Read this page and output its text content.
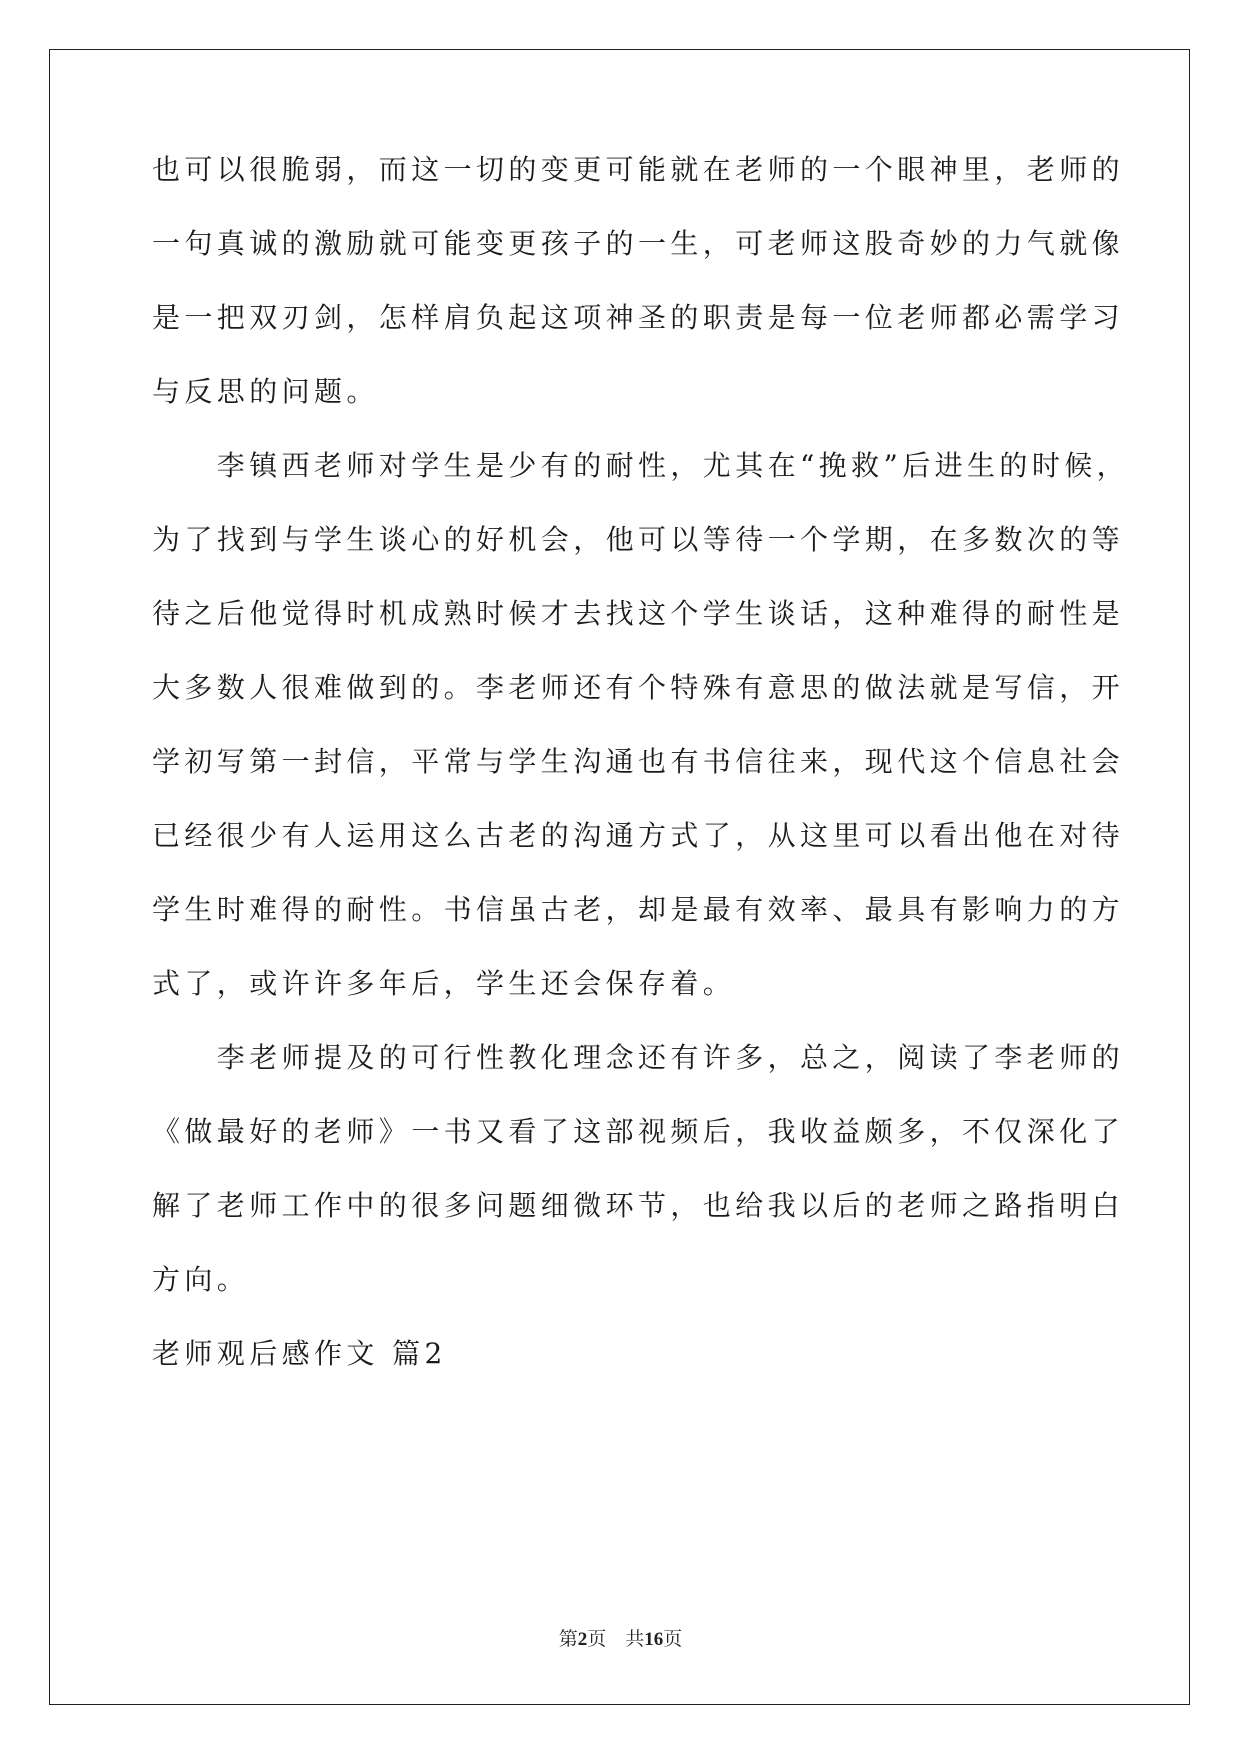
也可以很脆弱，而这一切的变更可能就在老师的一个眼神里，老师的
一句真诚的激励就可能变更孩子的一生，可老师这股奇妙的力气就像
是一把双刃剑，怎样肩负起这项神圣的职责是每一位老师都必需学习
与反思的问题。
　　李镇西老师对学生是少有的耐性，尤其在“挽救”后进生的时候，
为了找到与学生谈心的好机会，他可以等待一个学期，在多数次的等
待之后他觉得时机成熟时候才去找这个学生谈话，这种难得的耐性是
大多数人很难做到的。李老师还有个特殊有意思的做法就是写信，开
学初写第一封信，平常与学生沟通也有书信往来，现代这个信息社会
已经很少有人运用这么古老的沟通方式了，从这里可以看出他在对待
学生时难得的耐性。书信虽古老，却是最有效率、最具有影响力的方
式了，或许许多年后，学生还会保存着。
　　李老师提及的可行性教化理念还有许多，总之，阅读了李老师的
《做最好的老师》一书又看了这部视频后，我收益颇多，不仅深化了
解了老师工作中的很多问题细微环节，也给我以后的老师之路指明白
方向。
老师观后感作文 篇2
第2页　共16页
